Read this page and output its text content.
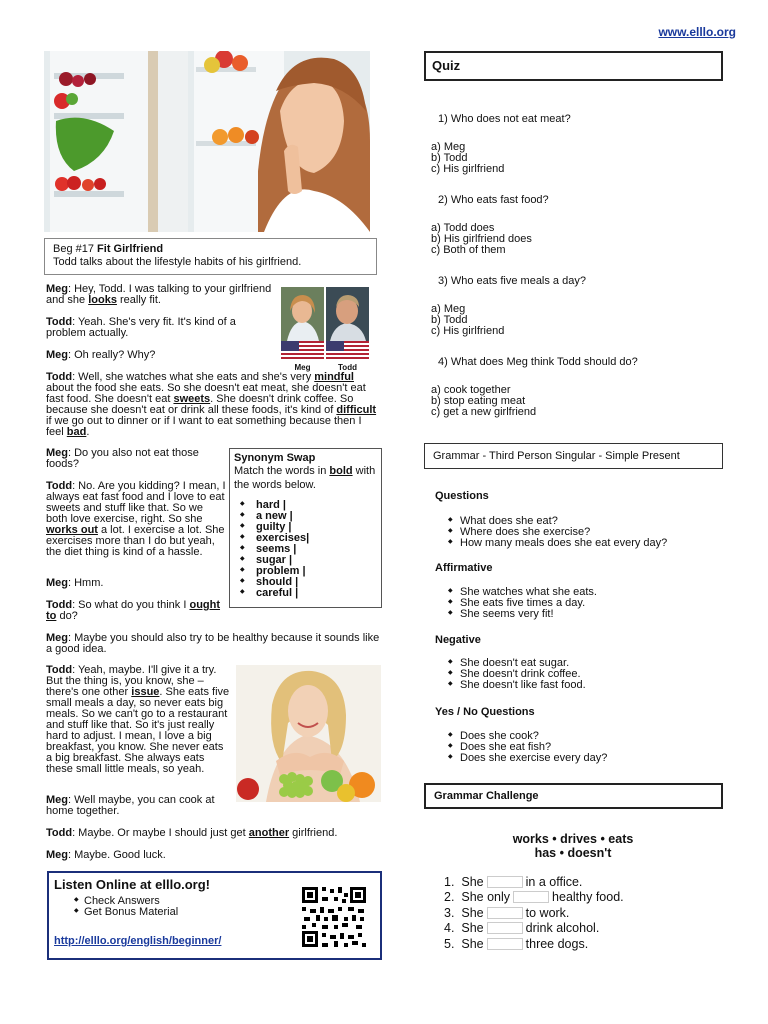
www.elllo.org
Beg #17 Fit Girlfriend
Todd talks about the lifestyle habits of his girlfriend.
Meg	Todd

Meg: Hey, Todd. I was talking to your girlfriend and she looks really fit.

Todd: Yeah. She's very fit. It's kind of a problem actually.

Meg: Oh really? Why?

Todd: Well, she watches what she eats and she's very mindful about the food she eats. So she doesn't eat meat, she doesn't eat fast food. She doesn't eat sweets. She doesn't drink coffee. So because she doesn't eat or drink all these foods, it's kind of difficult if we go out to dinner or if I want to eat something because then I feel bad.

Meg: Do you also not eat those foods?

Todd: No. Are you kidding? I mean, I always eat fast food and I love to eat sweets and stuff like that. So we both love exercise, right. So she works out a lot. I exercise a lot. She exercises more than I do but yeah, the diet thing is kind of a hassle.

Meg: Hmm.

Todd: So what do you think I ought to do?

Meg: Maybe you should also try to be healthy because it sounds like a good idea.

Todd: Yeah, maybe. I'll give it a try. But the thing is, you know, she – there's one other issue. She eats five small meals a day, so never eats big meals. So we can't go to a restaurant and stuff like that. So it's just really hard to adjust. I mean, I love a big breakfast, you know. She never eats a big breakfast. She always eats these small little meals, so yeah.

Meg: Well maybe, you can cook at home together.

Todd: Maybe. Or maybe I should just get another girlfriend.

Meg: Maybe. Good luck.

Synonym Swap
Match the words in bold with the words below.
◆ hard |
◆ a new |
◆ guilty |
◆ exercises|
◆ seems |
◆ sugar |
◆ problem |
◆ should |
◆ careful |
Listen Online at elllo.org!
◆ Check Answers
◆ Get Bonus Material
http://elllo.org/english/beginner/
Quiz
1) Who does not eat meat?
a) Meg
b) Todd
c) His girlfriend
2) Who eats fast food?
a) Todd does
b) His girlfriend does
c) Both of them
3) Who eats five meals a day?
a) Meg
b) Todd
c) His girlfriend
4) What does Meg think Todd should do?
a) cook together
b) stop eating meat
c) get a new girlfriend
Grammar - Third Person Singular - Simple Present
Questions
◆ What does she eat?
◆ Where does she exercise?
◆ How many meals does she eat every day?
Affirmative
◆ She watches what she eats.
◆ She eats five times a day.
◆ She seems very fit!
Negative
◆ She doesn't eat sugar.
◆ She doesn't drink coffee.
◆ She doesn't like fast food.
Yes / No Questions
◆ Does she cook?
◆ Does she eat fish?
◆ Does she exercise every day?
Grammar Challenge
works • drives • eats
has • doesn't
1. She	in a office.
2. She only	healthy food.
3. She	to work.
4. She	drink alcohol.
5. She	three dogs.
